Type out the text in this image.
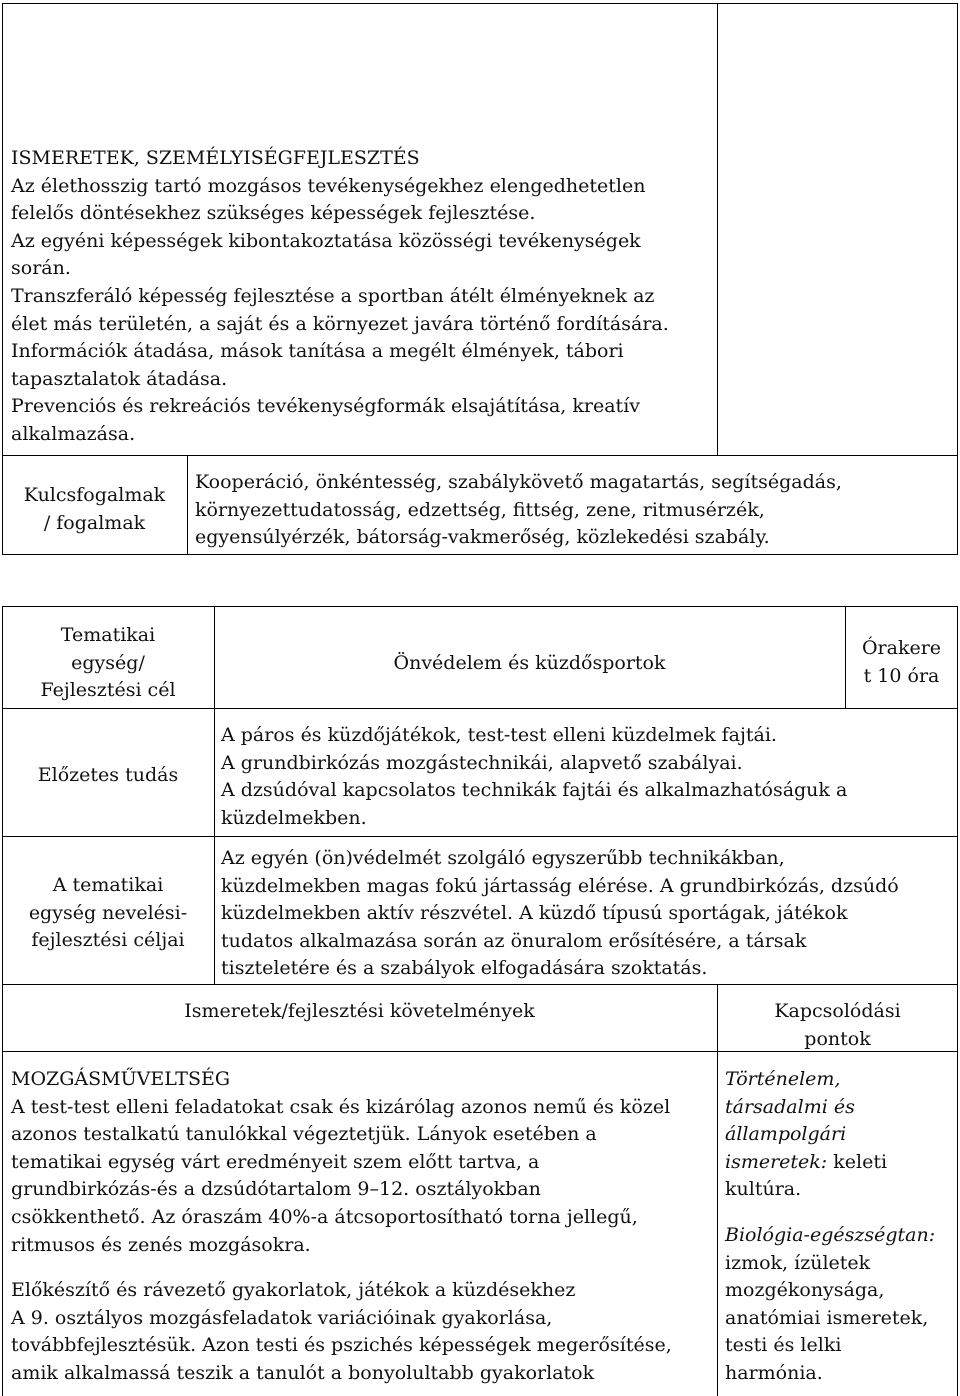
ISMERETEK, SZEMÉLYISÉGFEJLESZTÉS

Az élethosszig tartó mozgásos tevékenységekhez elengedhetetlen

felelős döntésekhez szükséges képességek fejlesztése.

Az egyéni képességek kibontakoztatása közösségi tevékenységek

során.

Transzferáló képesség fejlesztése a sportban átélt élményeknek az

élet más területén, a saját és a környezet javára történő fordítására.

Információk átadása, mások tanítása a megélt élmények, tábori

tapasztalatok átadása.

Prevenciós és rekreációs tevékenységformák elsajátítása, kreatív

alkalmazása.

Kulcsfogalmak

/ fogalmak

Kooperáció, önkéntesség, szabálykövető magatartás, segítségadás,

környezettudatosság, edzettség, fittség, zene, ritmusérzék,

egyensúlyérzék, bátorság-vakmerőség, közlekedési szabály.

Tematikai

egység/

Fejlesztési cél

Önvédelem és küzdősportok

Órakere

t 10 óra

Előzetes tudás

A páros és küzdőjátékok, test-test elleni küzdelmek fajtái.

A grundbirkózás mozgástechnikái, alapvető szabályai.

A dzsúdóval kapcsolatos technikák fajtái és alkalmazhatóságuk a

küzdelmekben.

A tematikai

egység nevelési-

fejlesztési céljai

Az egyén (ön)védelmét szolgáló egyszerűbb technikákban,

küzdelmekben magas fokú jártasság elérése. A grundbirkózás, dzsúdó

küzdelmekben aktív részvétel. A küzdő típusú sportágak, játékok

tudatos alkalmazása során az önuralom erősítésére, a társak

tiszteletére és a szabályok elfogadására szoktatás.

Ismeretek/fejlesztési követelmények	Kapcsolódási

pontok

MOZGÁSMŰVELTSÉG

A test-test elleni feladatokat csak és kizárólag azonos nemű és közel

azonos testalkatú tanulókkal végeztetjük. Lányok esetében a

tematikai egység várt eredményeit szem előtt tartva, a

grundbirkózás-és a dzsúdótartalom 9–12. osztályokban

csökkenthető. Az óraszám 40%-a átcsoportosítható torna jellegű,

ritmusos és zenés mozgásokra.

Előkészítő és rávezető gyakorlatok, játékok a küzdésekhez

A 9. osztályos mozgásfeladatok variációinak gyakorlása,

továbbfejlesztésük. Azon testi és pszichés képességek megerősítése,

amik alkalmassá teszik a tanulót a bonyolultabb gyakorlatok

Történelem,

társadalmi és

állampolgári

ismeretek: keleti

kultúra.

Biológia-egészségtan:

izmok, ízületek

mozgékonysága,

anatómiai ismeretek,

testi és lelki

harmónia.
